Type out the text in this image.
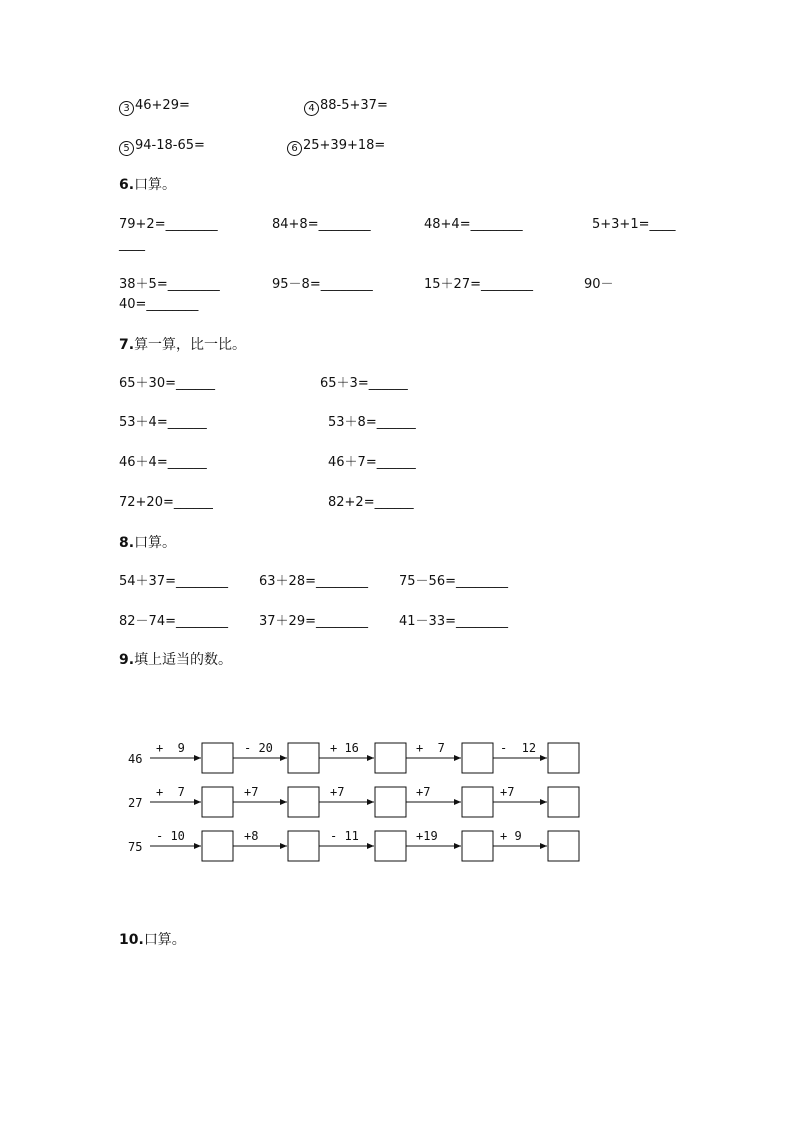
3 46+29=	4 88-5+37=
5 94-18-65=	6 25+39+18=
6.口算。
79+2=________	84+8=________	48+4=________	5+3+1=____
____
38＋5=________	95－8=________	15＋27=________	90－
40=________
7.算一算，比一比。
65＋30=______	65＋3=______
53＋4=______	53＋8=______
46＋4=______	46＋7=______
72+20=______	82+2=______
8.口算。
54＋37=________ 63＋28=________ 75－56=________
82－74=________ 37＋29=________ 41－33=________
9.填上适当的数。
46
+  9	- 20	+ 16	+  7	-  12
27
+  7	+7	+7	+7	+7
75
- 10	+8	- 11	+19	+ 9
10.口算。
